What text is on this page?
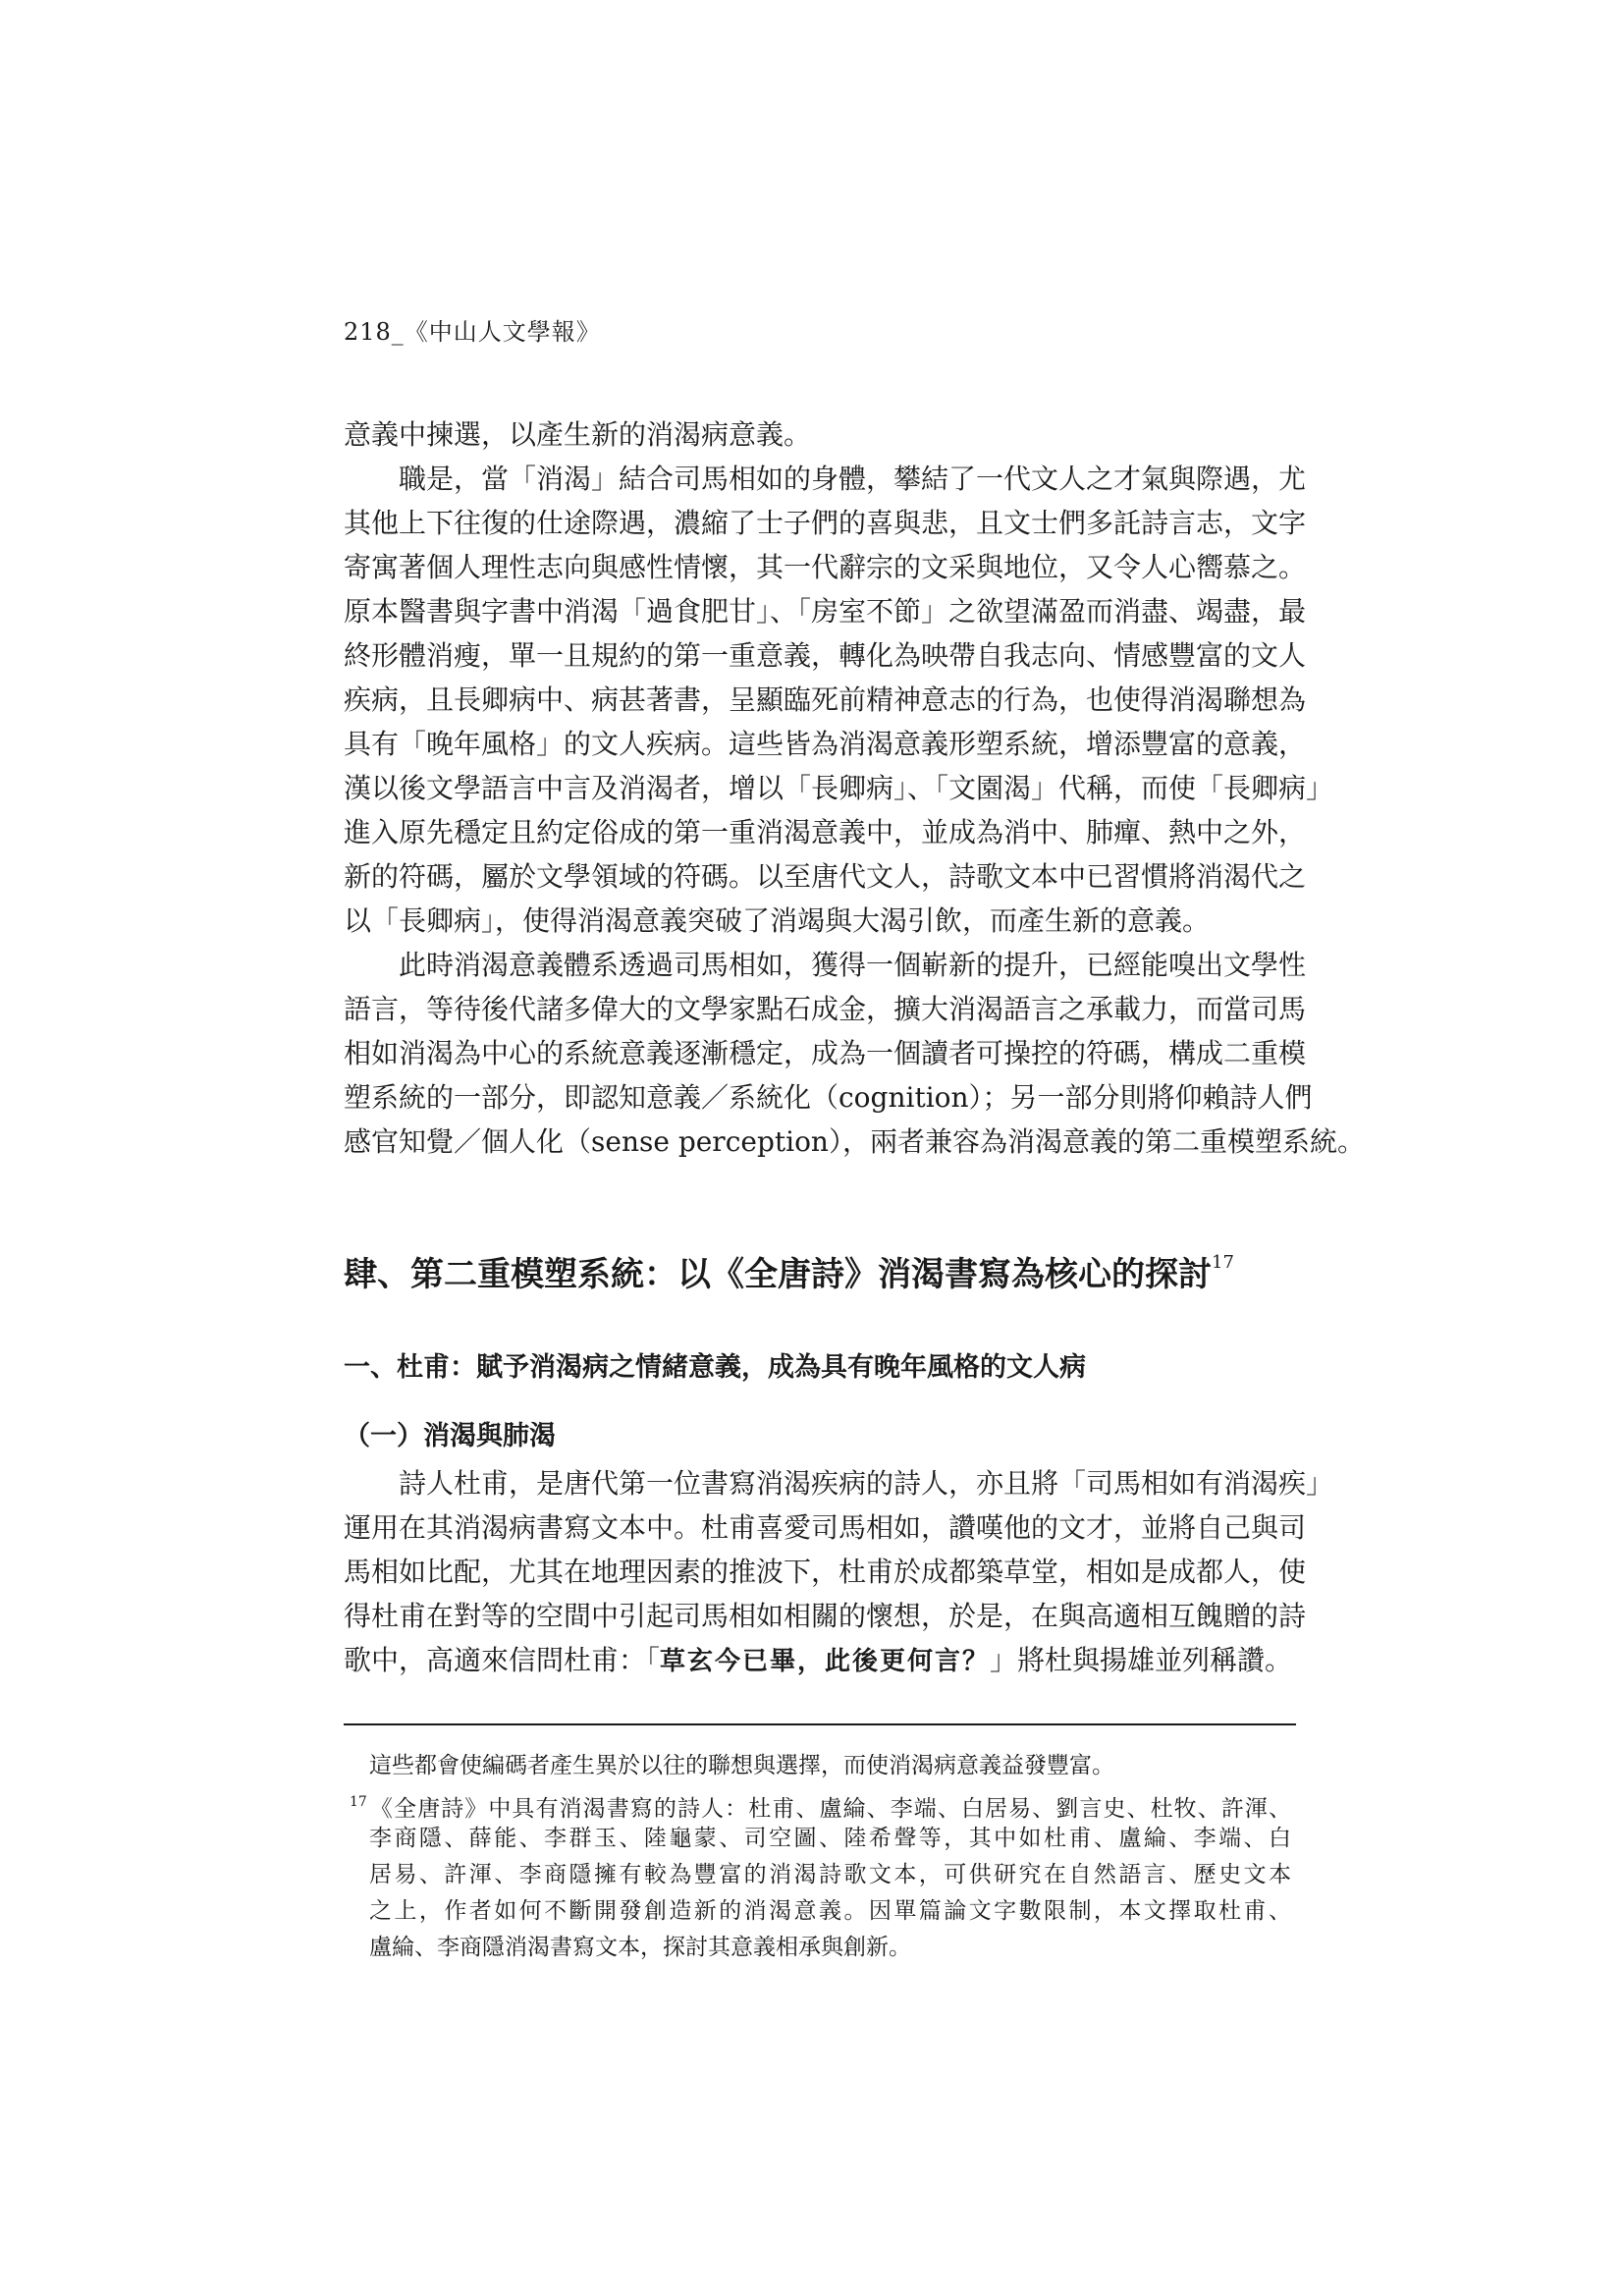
218_《中山人文學報》
意義中揀選，以產生新的消渴病意義。
職是，當「消渴」結合司馬相如的身體，攀結了一代文人之才氣與際遇，尤
其他上下往復的仕途際遇，濃縮了士子們的喜與悲，且文士們多託詩言志，文字
寄寓著個人理性志向與感性情懷，其一代辭宗的文采與地位，又令人心嚮慕之。
原本醫書與字書中消渴「過食肥甘」、「房室不節」之欲望滿盈而消盡、竭盡，最
終形體消瘦，單一且規約的第一重意義，轉化為映帶自我志向、情感豐富的文人
疾病，且長卿病中、病甚著書，呈顯臨死前精神意志的行為，也使得消渴聯想為
具有「晚年風格」的文人疾病。這些皆為消渴意義形塑系統，增添豐富的意義，
漢以後文學語言中言及消渴者，增以「長卿病」、「文園渴」代稱，而使「長卿病」
進入原先穩定且約定俗成的第一重消渴意義中，並成為消中、肺癉、熱中之外，
新的符碼，屬於文學領域的符碼。以至唐代文人，詩歌文本中已習慣將消渴代之
以「長卿病」，使得消渴意義突破了消竭與大渴引飲，而產生新的意義。
此時消渴意義體系透過司馬相如，獲得一個嶄新的提升，已經能嗅出文學性
語言，等待後代諸多偉大的文學家點石成金，擴大消渴語言之承載力，而當司馬
相如消渴為中心的系統意義逐漸穩定，成為一個讀者可操控的符碼，構成二重模
塑系統的一部分，即認知意義／系統化（cognition）；另一部分則將仰賴詩人們
感官知覺／個人化（sense perception），兩者兼容為消渴意義的第二重模塑系統。
肆、第二重模塑系統：以《全唐詩》消渴書寫為核心的探討$^{17}$
一、杜甫：賦予消渴病之情緒意義，成為具有晚年風格的文人病
（一）消渴與肺渴
詩人杜甫，是唐代第一位書寫消渴疾病的詩人，亦且將「司馬相如有消渴疾」
運用在其消渴病書寫文本中。杜甫喜愛司馬相如，讚嘆他的文才，並將自己與司
馬相如比配，尤其在地理因素的推波下，杜甫於成都築草堂，相如是成都人，使
得杜甫在對等的空間中引起司馬相如相關的懷想，於是，在與高適相互餽贈的詩
歌中，高適來信問杜甫：「草玄今已畢，此後更何言？」將杜與揚雄並列稱讚。
這些都會使編碼者產生異於以往的聯想與選擇，而使消渴病意義益發豐富。
$^{17}$《全唐詩》中具有消渴書寫的詩人：杜甫、盧綸、李端、白居易、劉言史、杜牧、許渾、
李商隱、薛能、李群玉、陸龜蒙、司空圖、陸希聲等，其中如杜甫、盧綸、李端、白
居易、許渾、李商隱擁有較為豐富的消渴詩歌文本，可供研究在自然語言、歷史文本
之上，作者如何不斷開發創造新的消渴意義。因單篇論文字數限制，本文擇取杜甫、
盧綸、李商隱消渴書寫文本，探討其意義相承與創新。
